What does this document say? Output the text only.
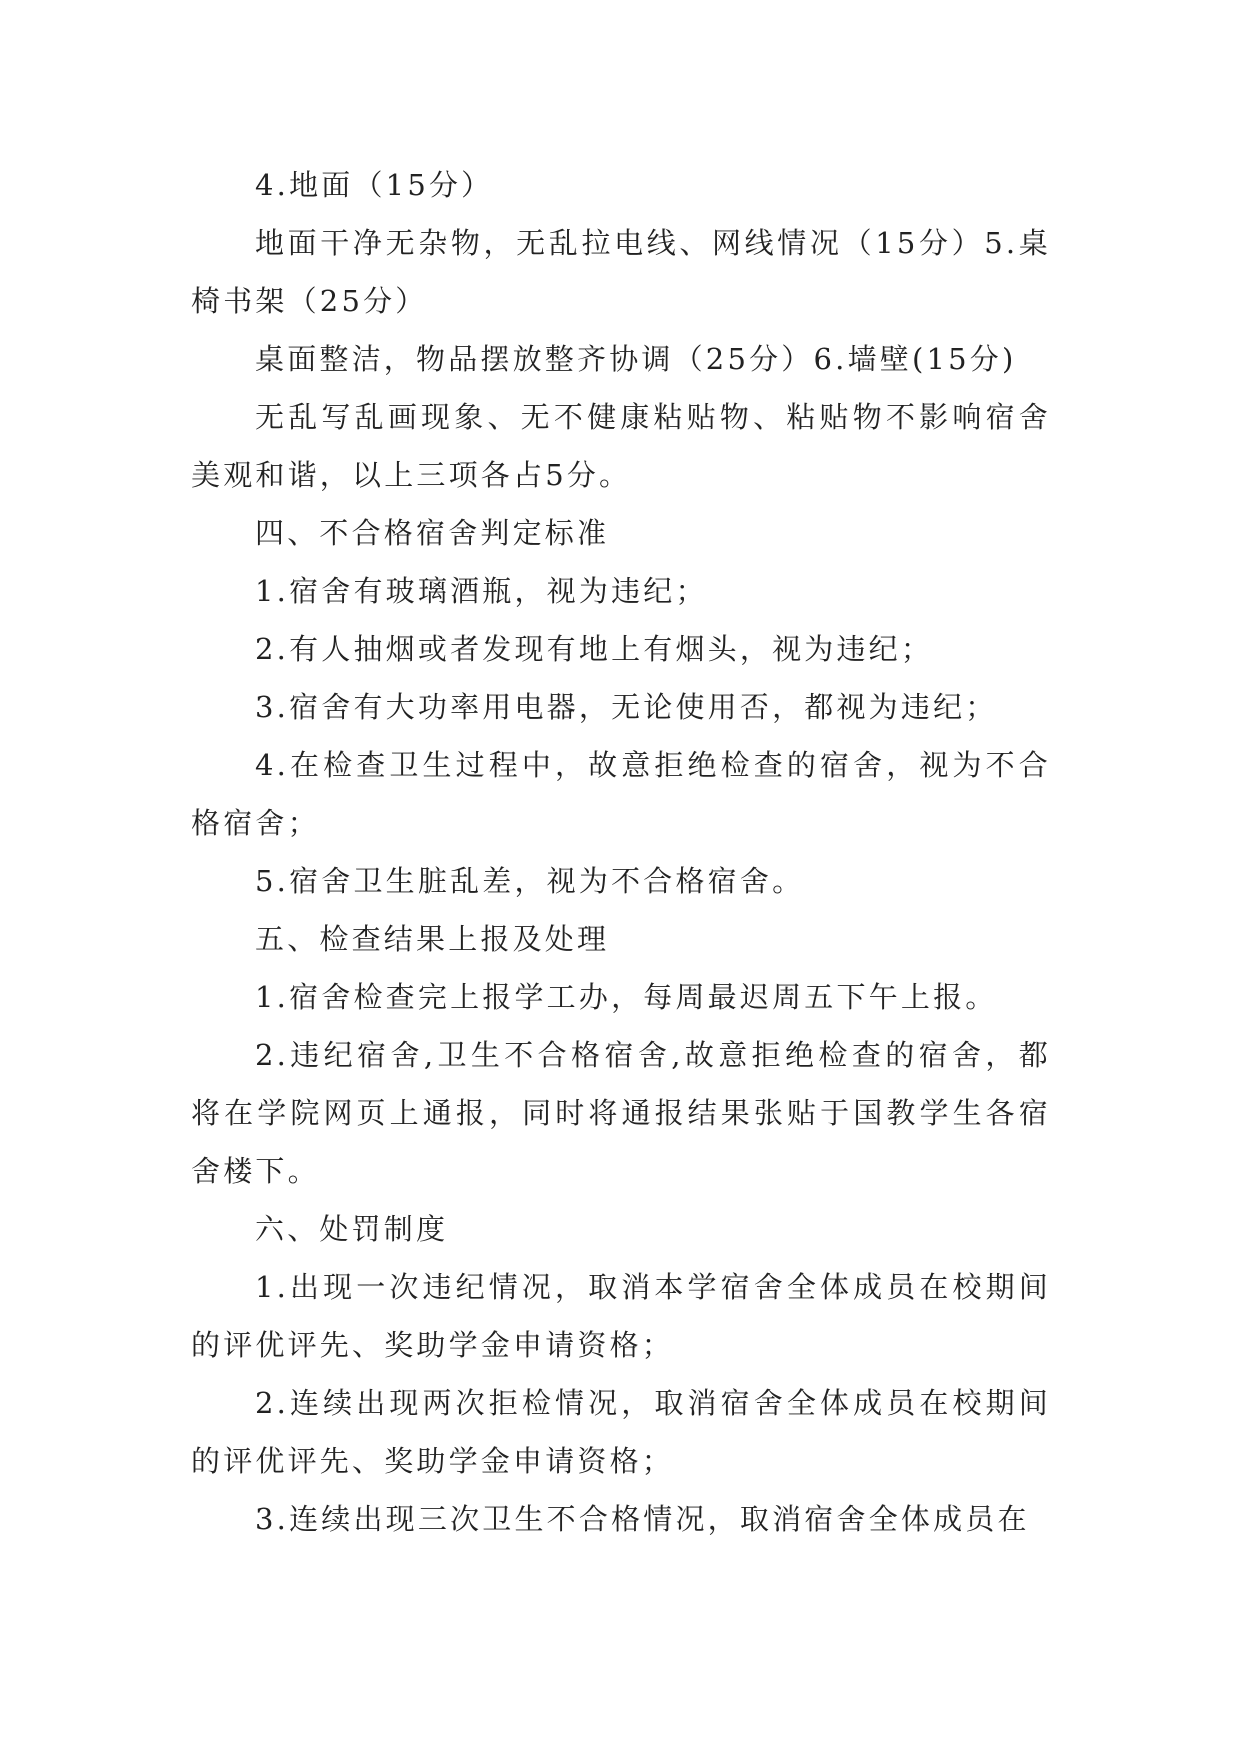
4.地面（15分）

地面干净无杂物，无乱拉电线、网线情况（15分）5.桌椅书架（25分）

桌面整洁，物品摆放整齐协调（25分）6.墙壁(15分)

无乱写乱画现象、无不健康粘贴物、粘贴物不影响宿舍美观和谐，以上三项各占5分。

四、不合格宿舍判定标准

1.宿舍有玻璃酒瓶，视为违纪；

2.有人抽烟或者发现有地上有烟头，视为违纪；

3.宿舍有大功率用电器，无论使用否，都视为违纪；

4.在检查卫生过程中，故意拒绝检查的宿舍，视为不合格宿舍；

5.宿舍卫生脏乱差，视为不合格宿舍。

五、检查结果上报及处理

1.宿舍检查完上报学工办，每周最迟周五下午上报。

2.违纪宿舍,卫生不合格宿舍,故意拒绝检查的宿舍，都将在学院网页上通报，同时将通报结果张贴于国教学生各宿舍楼下。

六、处罚制度

1.出现一次违纪情况，取消本学宿舍全体成员在校期间的评优评先、奖助学金申请资格；

2.连续出现两次拒检情况，取消宿舍全体成员在校期间的评优评先、奖助学金申请资格；

3.连续出现三次卫生不合格情况，取消宿舍全体成员在
